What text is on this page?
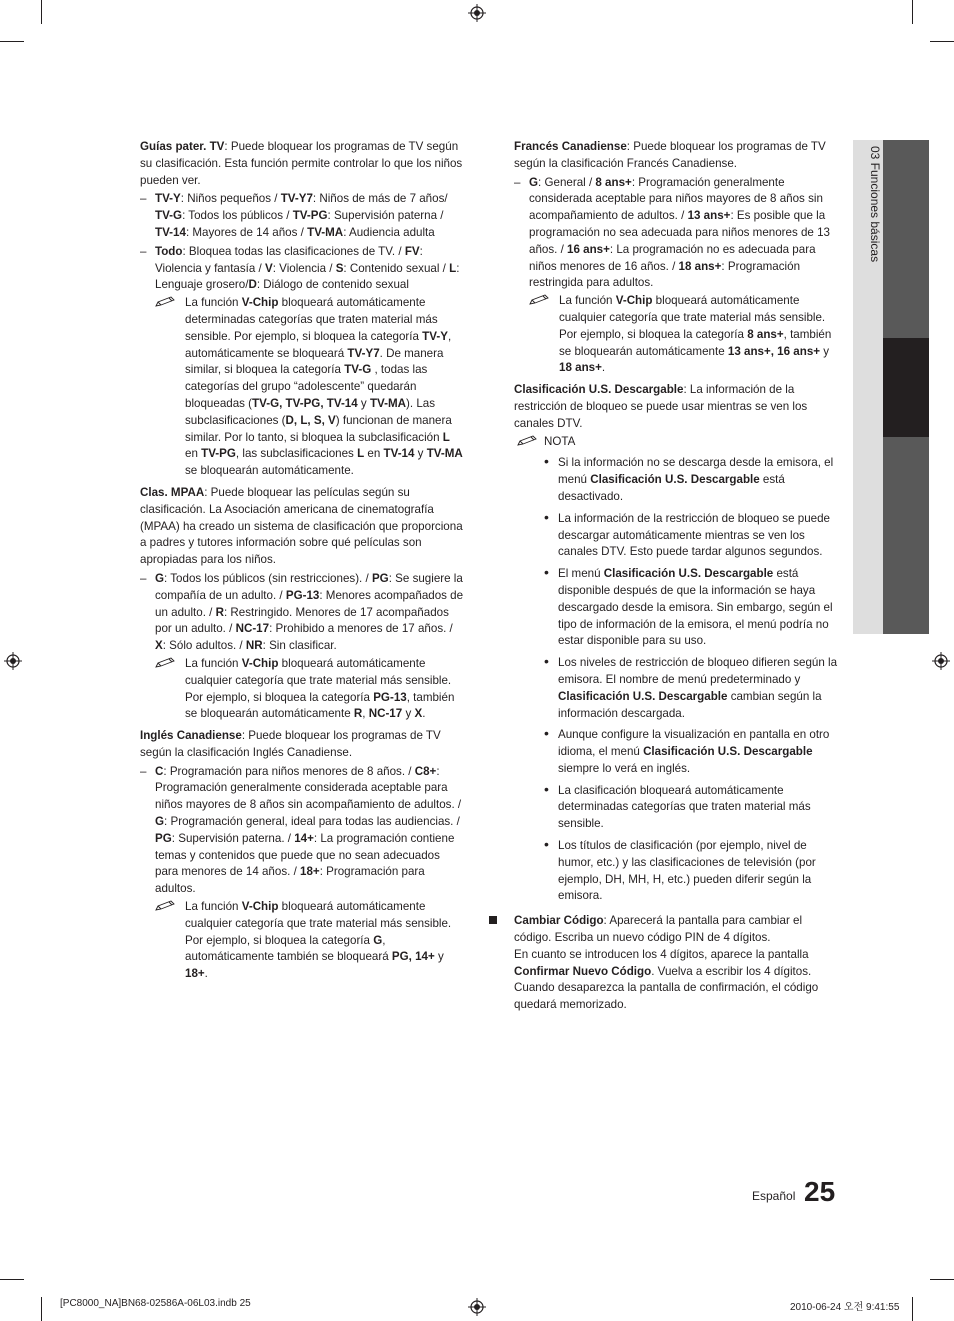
03 Funciones básicas

Guías pater. TV: Puede bloquear los programas de TV según su clasificación. Esta función permite controlar lo que los niños pueden ver.

– TV-Y: Niños pequeños / TV-Y7: Niños de más de 7 años/ TV-G: Todos los públicos / TV-PG: Supervisión paterna / TV-14: Mayores de 14 años / TV-MA: Audiencia adulta
– Todo: Bloquea todas las clasificaciones de TV. / FV: Violencia y fantasía / V: Violencia / S: Contenido sexual / L: Lenguaje grosero/D: Diálogo de contenido sexual
La función V-Chip bloqueará automáticamente determinadas categorías que traten material más sensible. Por ejemplo, si bloquea la categoría TV-Y, automáticamente se bloqueará TV-Y7. De manera similar, si bloquea la categoría TV-G , todas las categorías del grupo “adolescente” quedarán bloqueadas (TV-G, TV-PG, TV-14 y TV-MA). Las subclasificaciones (D, L, S, V) funcionan de manera similar. Por lo tanto, si bloquea la subclasificación L en TV-PG, las subclasificaciones L en TV-14 y TV-MA se bloquearán automáticamente.

Clas. MPAA: Puede bloquear las películas según su clasificación. La Asociación americana de cinematografía (MPAA) ha creado un sistema de clasificación que proporciona a padres y tutores información sobre qué películas son apropiadas para los niños.

– G: Todos los públicos (sin restricciones). / PG: Se sugiere la compañía de un adulto. / PG-13: Menores acompañados de un adulto. / R: Restringido. Menores de 17 acompañados por un adulto. / NC-17: Prohibido a menores de 17 años. / X: Sólo adultos. / NR: Sin clasificar.
La función V-Chip bloqueará automáticamente cualquier categoría que trate material más sensible. Por ejemplo, si bloquea la categoría PG-13, también se bloquearán automáticamente R, NC-17 y X.

Inglés Canadiense: Puede bloquear los programas de TV según la clasificación Inglés Canadiense.

– C: Programación para niños menores de 8 años. / C8+: Programación generalmente considerada aceptable para niños mayores de 8 años sin acompañamiento de adultos. / G: Programación general, ideal para todas las audiencias. / PG: Supervisión paterna. / 14+: La programación contiene temas y contenidos que puede que no sean adecuados para menores de 14 años. / 18+: Programación para adultos.
La función V-Chip bloqueará automáticamente cualquier categoría que trate material más sensible. Por ejemplo, si bloquea la categoría G, automáticamente también se bloqueará PG, 14+ y 18+.

Francés Canadiense: Puede bloquear los programas de TV según la clasificación Francés Canadiense.

– G: General / 8 ans+: Programación generalmente considerada aceptable para niños mayores de 8 años sin acompañamiento de adultos. / 13 ans+: Es posible que la programación no sea adecuada para niños menores de 13 años. / 16 ans+: La programación no es adecuada para niños menores de 16 años. / 18 ans+: Programación restringida para adultos.
La función V-Chip bloqueará automáticamente cualquier categoría que trate material más sensible. Por ejemplo, si bloquea la categoría 8 ans+, también se bloquearán automáticamente 13 ans+, 16 ans+ y 18 ans+.

Clasificación U.S. Descargable: La información de la restricción de bloqueo se puede usar mientras se ven los canales DTV.

NOTA
• Si la información no se descarga desde la emisora, el menú Clasificación U.S. Descargable está desactivado.
• La información de la restricción de bloqueo se puede descargar automáticamente mientras se ven los canales DTV. Esto puede tardar algunos segundos.
• El menú Clasificación U.S. Descargable está disponible después de que la información se haya descargado desde la emisora. Sin embargo, según el tipo de información de la emisora, el menú podría no estar disponible para su uso.
• Los niveles de restricción de bloqueo difieren según la emisora. El nombre de menú predeterminado y Clasificación U.S. Descargable cambian según la información descargada.
• Aunque configure la visualización en pantalla en otro idioma, el menú Clasificación U.S. Descargable siempre lo verá en inglés.
• La clasificación bloqueará automáticamente determinadas categorías que traten material más sensible.
• Los títulos de clasificación (por ejemplo, nivel de humor, etc.) y las clasificaciones de televisión (por ejemplo, DH, MH, H, etc.) pueden diferir según la emisora.

Cambiar Código: Aparecerá la pantalla para cambiar el código. Escriba un nuevo código PIN de 4 dígitos.

En cuanto se introducen los 4 dígitos, aparece la pantalla Confirmar Nuevo Código. Vuelva a escribir los 4 dígitos.

Cuando desaparezca la pantalla de confirmación, el código quedará memorizado.

Español 25
[PC8000_NA]BN68-02586A-06L03.indb 25	2010-06-24 오전 9:41:55
